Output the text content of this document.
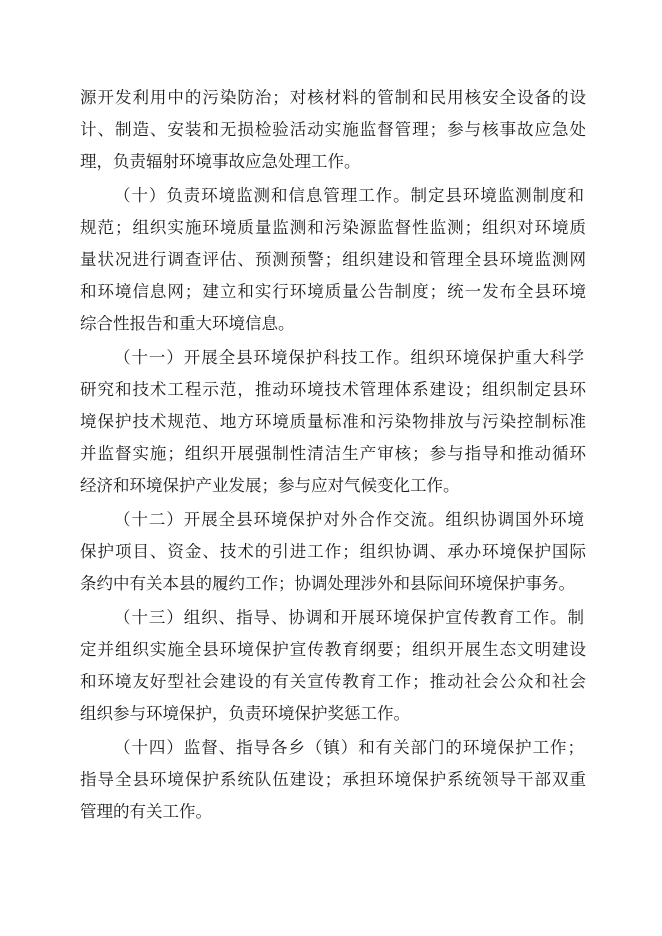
源开发利用中的污染防治；对核材料的管制和民用核安全设备的设
计、制造、安装和无损检验活动实施监督管理；参与核事故应急处
理，负责辐射环境事故应急处理工作。
（十）负责环境监测和信息管理工作。制定县环境监测制度和
规范；组织实施环境质量监测和污染源监督性监测；组织对环境质
量状况进行调查评估、预测预警；组织建设和管理全县环境监测网
和环境信息网；建立和实行环境质量公告制度；统一发布全县环境
综合性报告和重大环境信息。
（十一）开展全县环境保护科技工作。组织环境保护重大科学
研究和技术工程示范，推动环境技术管理体系建设；组织制定县环
境保护技术规范、地方环境质量标准和污染物排放与污染控制标准
并监督实施；组织开展强制性清洁生产审核；参与指导和推动循环
经济和环境保护产业发展；参与应对气候变化工作。
（十二）开展全县环境保护对外合作交流。组织协调国外环境
保护项目、资金、技术的引进工作；组织协调、承办环境保护国际
条约中有关本县的履约工作；协调处理涉外和县际间环境保护事务。
（十三）组织、指导、协调和开展环境保护宣传教育工作。制
定并组织实施全县环境保护宣传教育纲要；组织开展生态文明建设
和环境友好型社会建设的有关宣传教育工作；推动社会公众和社会
组织参与环境保护，负责环境保护奖惩工作。
（十四）监督、指导各乡（镇）和有关部门的环境保护工作；
指导全县环境保护系统队伍建设；承担环境保护系统领导干部双重
管理的有关工作。
